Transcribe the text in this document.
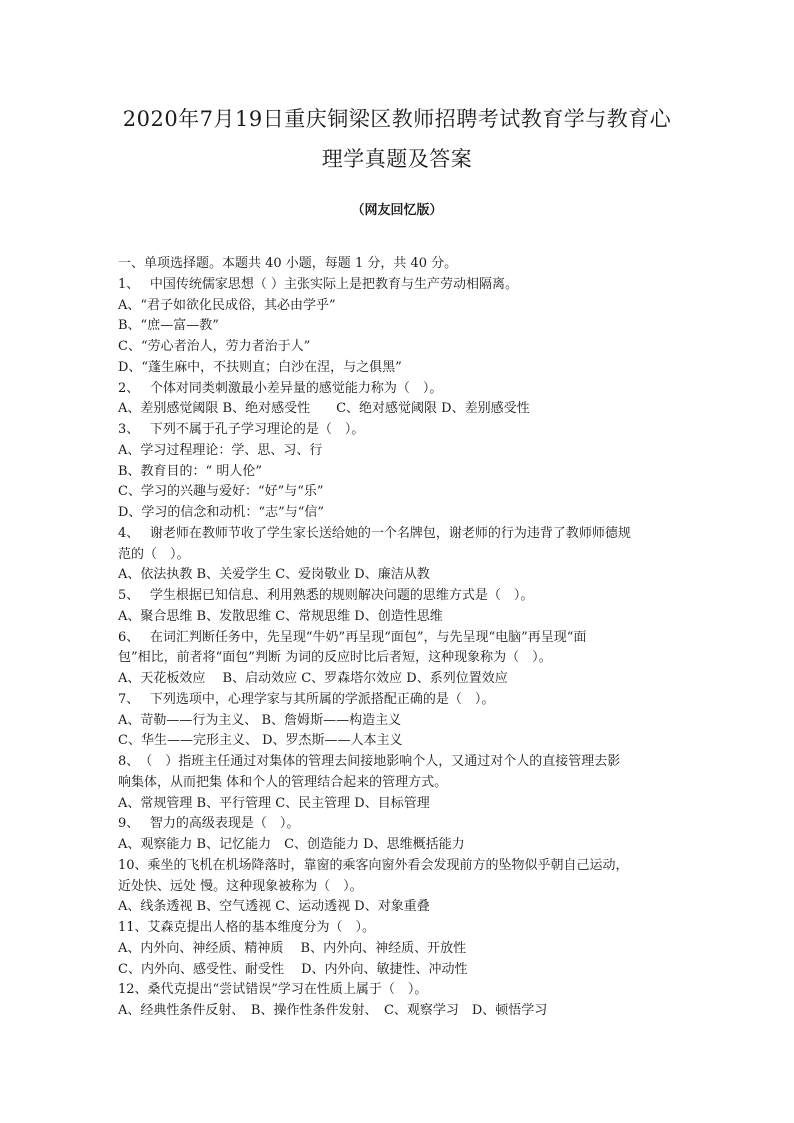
2020年7月19日重庆铜梁区教师招聘考试教育学与教育心
理学真题及答案
（网友回忆版）
一、单项选择题。本题共 40 小题，每题 1 分，共 40 分。
1、　 中国传统儒家思想（ ）主张实际上是把教育与生产劳动相隔离。
A、“君子如欲化民成俗，其必由学乎”
B、“庶—富—教”
C、“劳心者治人，劳力者治于人”
D、“蓬生麻中，不扶则直；白沙在涅，与之俱黑”
2、　 个体对同类刺激最小差异量的感觉能力称为（　）。
A、差别感觉阈限 B、绝对感受性　　C、绝对感觉阈限 D、差别感受性
3、　 下列不属于孔子学习理论的是（　）。
A、学习过程理论：学、思、习、行
B、教育目的：“ 明人伦”
C、学习的兴趣与爱好：“好”与“乐”
D、学习的信念和动机：“志”与“信”
4、　 谢老师在教师节收了学生家长送给她的一个名牌包，谢老师的行为违背了教师师德规
范的（　）。
A、依法执教 B、关爱学生 C、爱岗敬业 D、廉洁从教
5、　 学生根据已知信息、利用熟悉的规则解决问题的思维方式是（　）。
A、聚合思维 B、发散思维 C、常规思维 D、创造性思维
6、　 在词汇判断任务中，先呈现“牛奶”再呈现“面包”，与先呈现“电脑”再呈现“面
包”相比，前者将“面包”判断 为词的反应时比后者短，这种现象称为（　）。
A、天花板效应　 B、启动效应 C、罗森塔尔效应 D、系列位置效应
7、　 下列选项中，心理学家与其所属的学派搭配正确的是（　）。
A、苛勒——行为主义、 B、詹姆斯——构造主义
C、华生——完形主义、 D、罗杰斯——人本主义
8、　（　）指班主任通过对集体的管理去间接地影响个人，又通过对个人的直接管理去影
响集体，从而把集 体和个人的管理结合起来的管理方式。
A、常规管理 B、平行管理 C、民主管理 D、目标管理
9、　 智力的高级表现是（　）。
A、观察能力 B、记忆能力　C、创造能力 D、思维概括能力
10、乘坐的飞机在机场降落时，靠窗的乘客向窗外看会发现前方的坠物似乎朝自己运动，
近处快、远处 慢。这种现象被称为（　）。
A、线条透视 B、空气透视 C、运动透视 D、对象重叠
11、艾森克提出人格的基本维度分为（　）。
A、内外向、神经质、精神质　 B、内外向、神经质、开放性
C、内外向、感受性、耐受性　 D、内外向、敏捷性、冲动性
12、桑代克提出“尝试错误”学习在性质上属于（　）。
A、经典性条件反射、　B、操作性条件发射、　C、观察学习　D、顿悟学习
